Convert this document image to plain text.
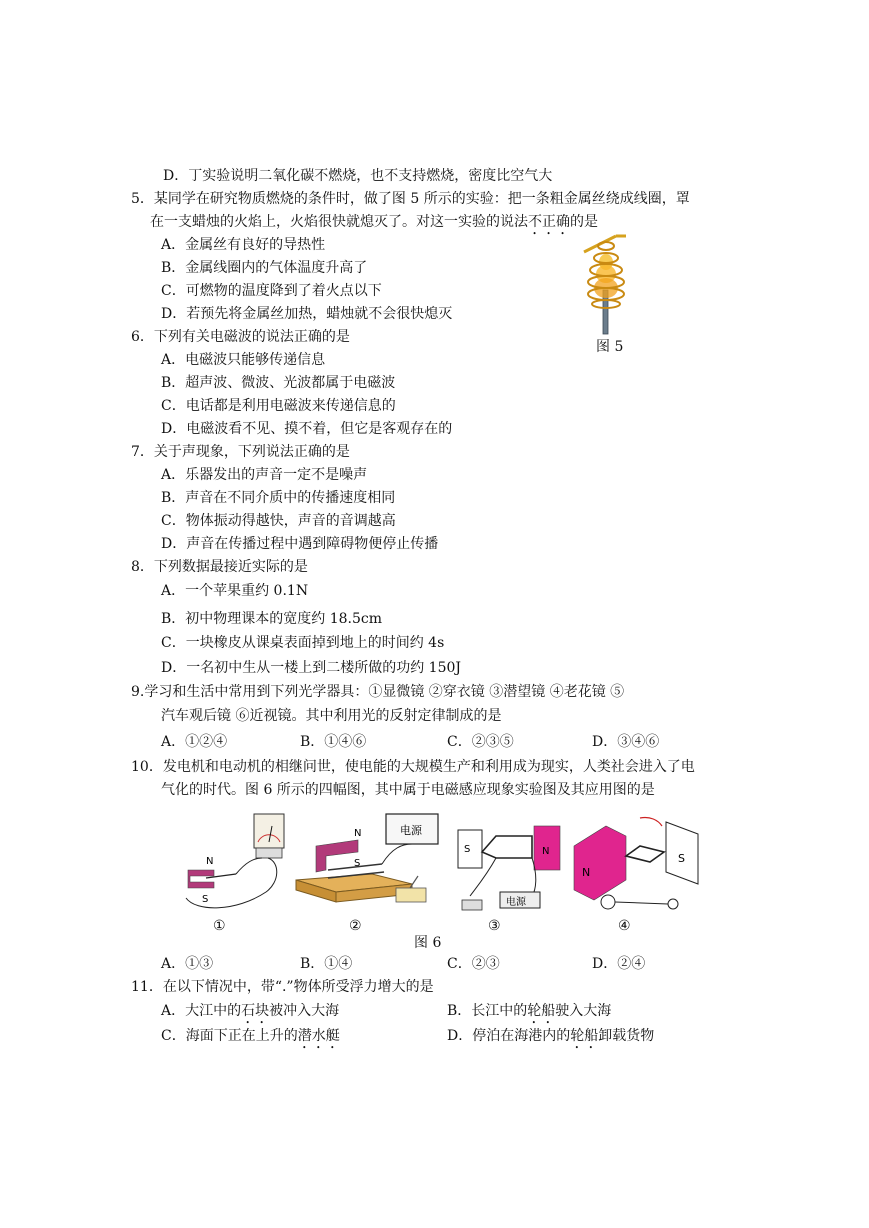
D．丁实验说明二氧化碳不燃烧，也不支持燃烧，密度比空气大
5．某同学在研究物质燃烧的条件时，做了图 5 所示的实验：把一条粗金属丝绕成线圈，罩
在一支蜡烛的火焰上，火焰很快就熄灭了。对这一实验的说法不正确的是
A．金属丝有良好的导热性
B．金属线圈内的气体温度升高了
C．可燃物的温度降到了着火点以下
D．若预先将金属丝加热，蜡烛就不会很快熄灭
图 5
6．下列有关电磁波的说法正确的是
A．电磁波只能够传递信息
B．超声波、微波、光波都属于电磁波
C．电话都是利用电磁波来传递信息的
D．电磁波看不见、摸不着，但它是客观存在的
7．关于声现象，下列说法正确的是
A．乐器发出的声音一定不是噪声
B．声音在不同介质中的传播速度相同
C．物体振动得越快，声音的音调越高
D．声音在传播过程中遇到障碍物便停止传播
8．下列数据最接近实际的是
A．一个苹果重约 0.1N
B．初中物理课本的宽度约 18.5cm
C．一块橡皮从课桌表面掉到地上的时间约 4s
D．一名初中生从一楼上到二楼所做的功约 150J
9.学习和生活中常用到下列光学器具：①显微镜 ②穿衣镜 ③潜望镜 ④老花镜 ⑤
汽车观后镜 ⑥近视镜。其中利用光的反射定律制成的是
A．①②④	B．①④⑥	C．②③⑤	D．③④⑥
10．发电机和电动机的相继问世，使电能的大规模生产和利用成为现实，人类社会进入了电
气化的时代。图 6 所示的四幅图，其中属于电磁感应现象实验图及其应用图的是
N
S
N
S
电源
S	N
电源
N
S
①	②	③	④
图 6
A．①③	B．①④	C．②③	D．②④
11．在以下情况中，带“.”物体所受浮力增大的是
A．大江中的石块被冲入大海	B．长江中的轮船驶入大海
C．海面下正在上升的潜水艇	D．停泊在海港内的轮船卸载货物
